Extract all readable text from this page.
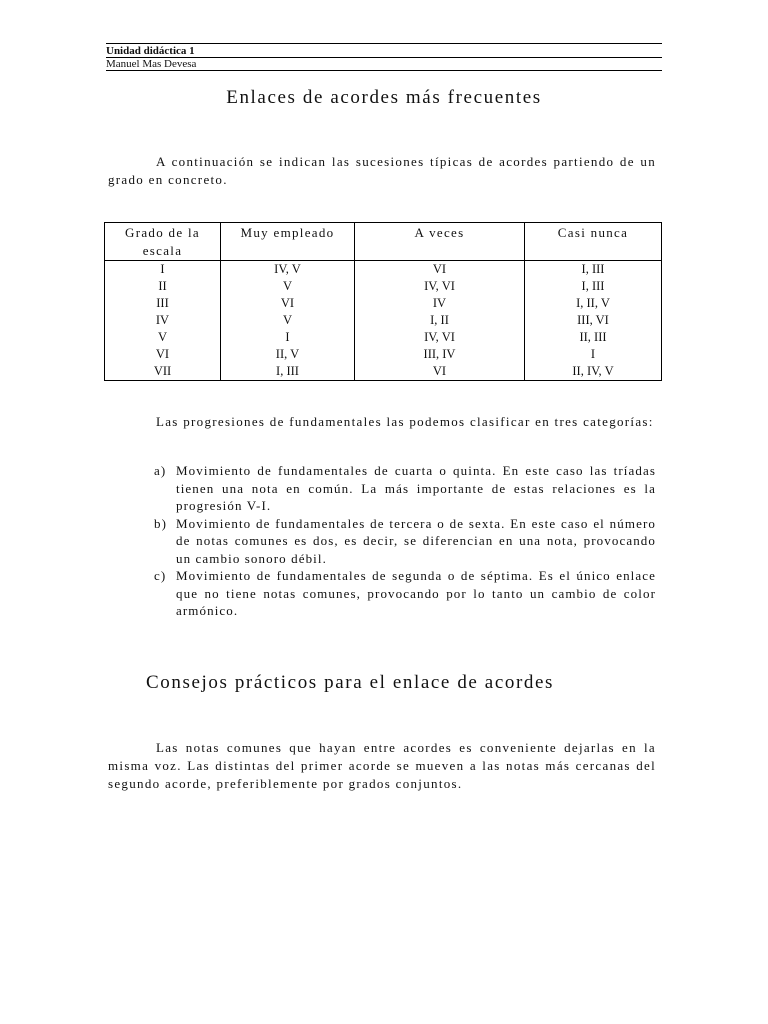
Unidad didáctica 1
Manuel Mas Devesa
Enlaces de acordes más frecuentes

A continuación se indican las sucesiones típicas de acordes partiendo de un grado en concreto.

Grado de la escala	Muy empleado	A veces	Casi nunca
I	IV, V	VI	I, III
II	V	IV, VI	I, III
III	VI	IV	I, II, V
IV	V	I, II	III, VI
V	I	IV, VI	II, III
VI	II, V	III, IV	I
VII	I, III	VI	II, IV, V

Las progresiones de fundamentales las podemos clasificar en tres categorías:

a) Movimiento de fundamentales de cuarta o quinta. En este caso las tríadas tienen una nota en común. La más importante de estas relaciones es la progresión V-I.
b) Movimiento de fundamentales de tercera o de sexta. En este caso el número de notas comunes es dos, es decir, se diferencian en una nota, provocando un cambio sonoro débil.
c) Movimiento de fundamentales de segunda o de séptima. Es el único enlace que no tiene notas comunes, provocando por lo tanto un cambio de color armónico.
Consejos prácticos para el enlace de acordes

Las notas comunes que hayan entre acordes es conveniente dejarlas en la misma voz. Las distintas del primer acorde se mueven a las notas más cercanas del segundo acorde, preferiblemente por grados conjuntos.
